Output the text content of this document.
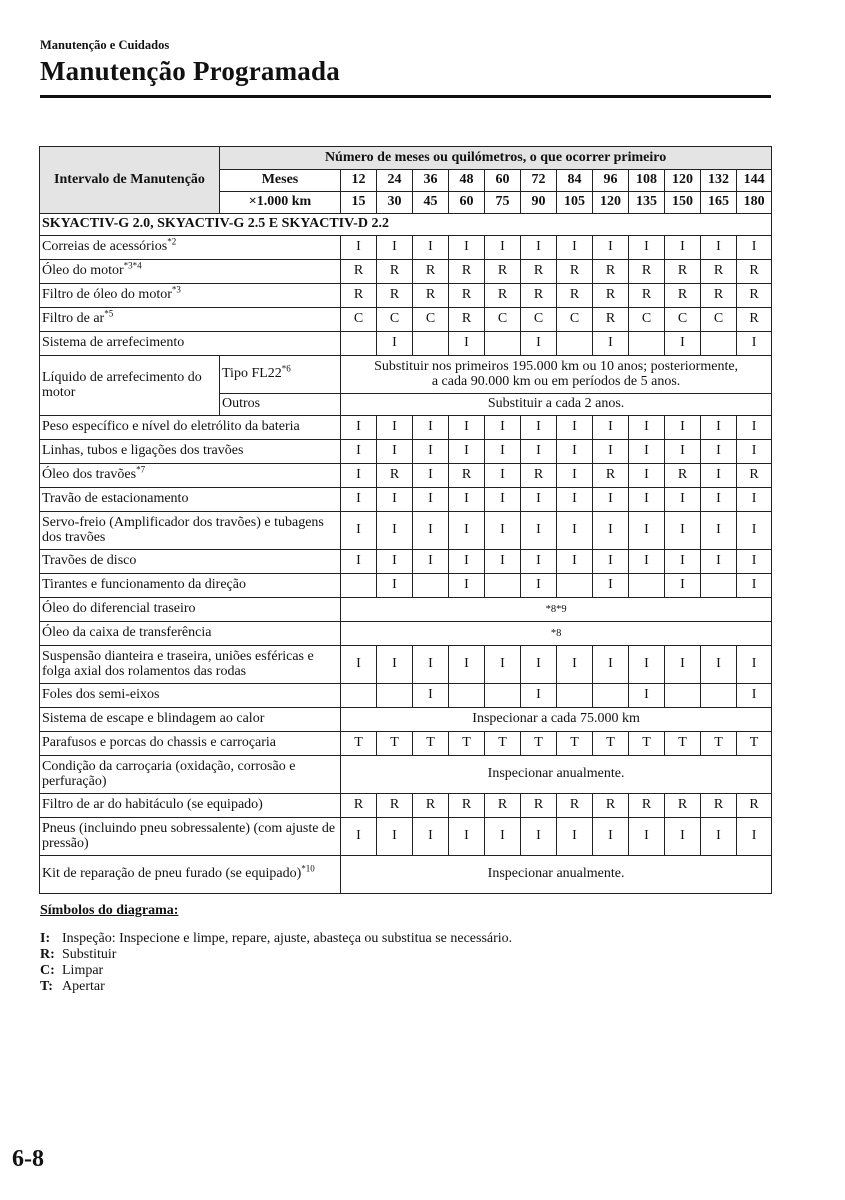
Manutenção e Cuidados
Manutenção Programada
Intervalo de Manutenção	Número de meses ou quilómetros, o que ocorrer primeiro												
	Meses	12	24	36	48	60	72	84	96	108	120	132	144
	×1.000 km	15	30	45	60	75	90	105	120	135	150	165	180
SKYACTIV-G 2.0, SKYACTIV-G 2.5 E SKYACTIV-D 2.2													
Correias de acessórios$^{*2}$		I	I	I	I	I	I	I	I	I	I	I	I
Óleo do motor$^{*3*4}$		R	R	R	R	R	R	R	R	R	R	R	R
Filtro de óleo do motor$^{*3}$		R	R	R	R	R	R	R	R	R	R	R	R
Filtro de $ar^{*5}$		C	C	C	R	C	C	C	R	C	C	C	R
Sistema de arrefecimento			I		I		I		I		I		I
Líquido de arrefecimento do motor	Tipo FL22$^{*6}$	Substituir nos primeiros 195.000 km ou 10 anos; posteriormente,
a cada 90.000 km ou em períodos de 5 anos.											

	Outros	Substituir a cada 2 anos.											
Peso específico e nível do eletrólito da bateria		I	I	I	I	I	I	I	I	I	I	I	I
Linhas, tubos e ligações dos travões		I	I	I	I	I	I	I	I	I	I	I	I
Óleo dos travões$^{*7}$		I	R	I	R	I	R	I	R	I	R	I	R
Travão de estacionamento		I	I	I	I	I	I	I	I	I	I	I	I
Servo-freio (Amplificador dos travões) e tubagens dos travões		I	I	I	I	I	I	I	I	I	I	I	I
Travões de disco		I	I	I	I	I	I	I	I	I	I	I	I
Tirantes e funcionamento da direção			I		I		I		I		I		I
Óleo do diferencial traseiro		*8*9											
Óleo da caixa de transferência		*8											
Suspensão dianteira e traseira, uniões esféricas e folga axial dos rolamentos das rodas		I	I	I	I	I	I	I	I	I	I	I	I
Foles dos semi-eixos				I			I			I			I
Sistema de escape e blindagem ao calor		Inspecionar a cada 75.000 km											
Parafusos e porcas do chassis e carroçaria		T	T	T	T	T	T	T	T	T	T	T	T
Condição da carroçaria (oxidação, corrosão e perfuração)		Inspecionar anualmente.											
Filtro de ar do habitáculo (se equipado)		R	R	R	R	R	R	R	R	R	R	R	R
Pneus (incluindo pneu sobressalente) (com ajuste de pressão)		I	I	I	I	I	I	I	I	I	I	I	I
Kit de reparação de pneu furado (se equipado)$^{*10}$		Inspecionar anualmente.											
Símbolos do diagrama:
I: Inspeção: Inspecione e limpe, repare, ajuste, abasteça ou substitua se necessário.
R: Substituir
C: Limpar
T: Apertar
6-8
